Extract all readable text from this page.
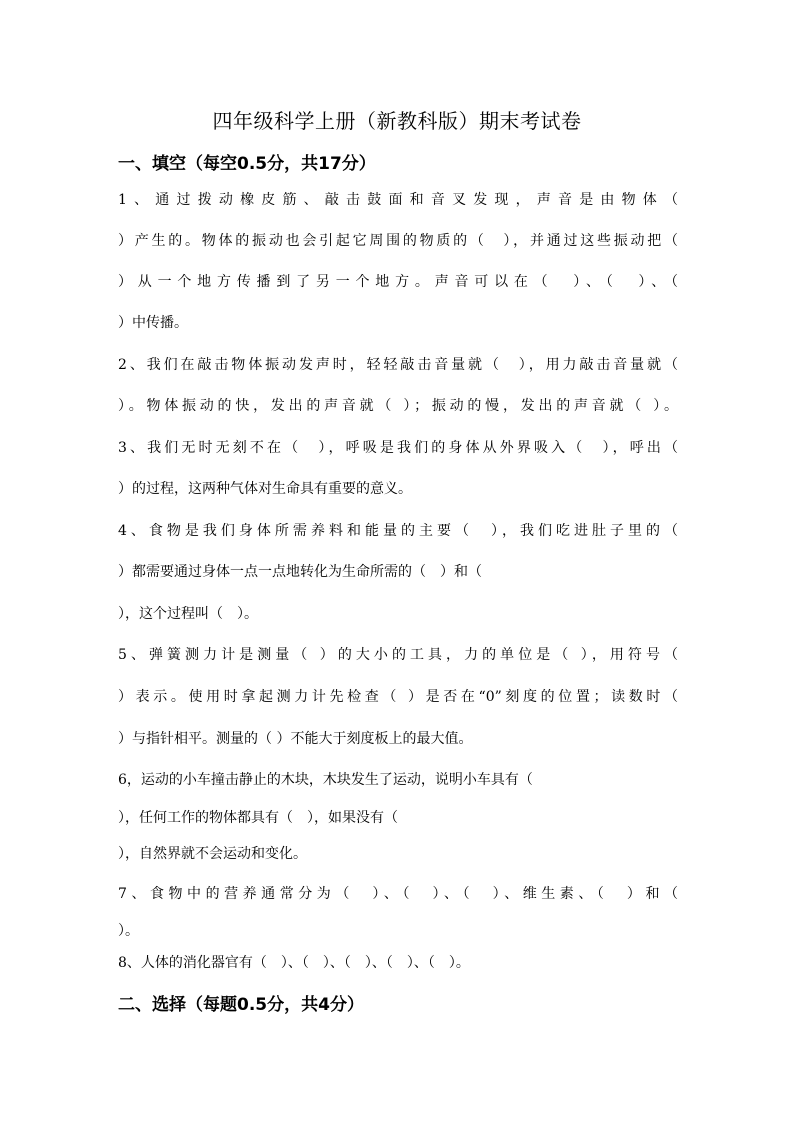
四年级科学上册（新教科版）期末考试卷
一、填空（每空0.5分，共17分）
1、通过拨动橡皮筋、敲击鼓面和音叉发现，声音是由物体（
）产生的。物体的振动也会引起它周围的物质的（　），并通过这些振动把（
）从一个地方传播到了另一个地方。声音可以在（　）、（　）、（
）中传播。
2、我们在敲击物体振动发声时，轻轻敲击音量就（　），用力敲击音量就（
）。物体振动的快，发出的声音就（ ）；振动的慢，发出的声音就（ ）。
3、我们无时无刻不在（　），呼吸是我们的身体从外界吸入（　），呼出（
）的过程，这两种气体对生命具有重要的意义。
4、食物是我们身体所需养料和能量的主要（　），我们吃进肚子里的（
）都需要通过身体一点一点地转化为生命所需的（　）和（
），这个过程叫（　）。
5、弹簧测力计是测量（ ）的大小的工具，力的单位是（ ），用符号（
）表示。使用时拿起测力计先检查（ ）是否在“0”刻度的位置；读数时（
）与指针相平。测量的（ ）不能大于刻度板上的最大值。
6，运动的小车撞击静止的木块，木块发生了运动，说明小车具有（
），任何工作的物体都具有（　），如果没有（
），自然界就不会运动和变化。
7、食物中的营养通常分为（　）、（　）、（　）、维生素、（　）和（
）。
8、人体的消化器官有（　）、（　）、（　）、（　）、（　）。
二、选择（每题0.5分，共4分）
